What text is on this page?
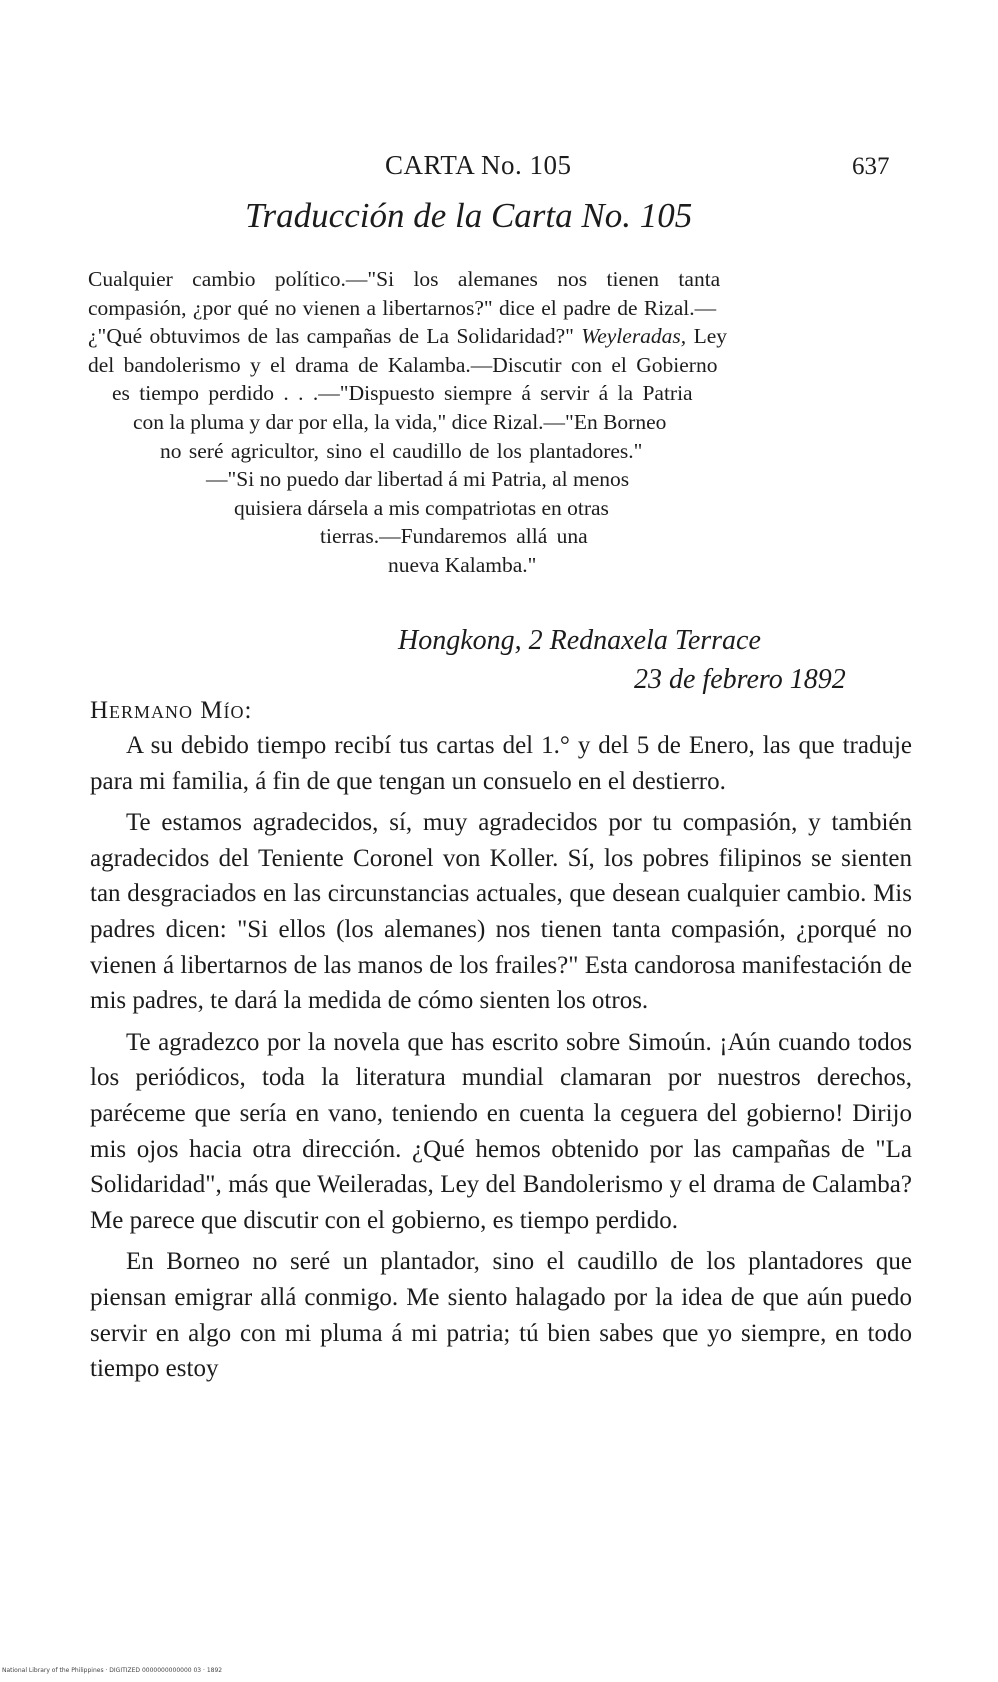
CARTA No. 105	637
Traducción de la Carta No. 105
Cualquier cambio político.—"Si los alemanes nos tienen tanta
compasión, ¿por qué no vienen a libertarnos?" dice el padre de Rizal.—
¿"Qué obtuvimos de las campañas de La Solidaridad?" Weyleradas, Ley
del bandolerismo y el drama de Kalamba.—Discutir con el Gobierno
es tiempo perdido . . .—"Dispuesto siempre á servir á la Patria
con la pluma y dar por ella, la vida," dice Rizal.—"En Borneo
no seré agricultor, sino el caudillo de los plantadores."
—"Si no puedo dar libertad á mi Patria, al menos
quisiera dársela a mis compatriotas en otras
tierras.—Fundaremos allá una
nueva Kalamba."
Hongkong, 2 Rednaxela Terrace
23 de febrero 1892
Hermano Mío:

A su debido tiempo recibí tus cartas del 1.° y del 5 de Enero, las que traduje para mi familia, á fin de que tengan un consuelo en el destierro.

Te estamos agradecidos, sí, muy agradecidos por tu compasión, y también agradecidos del Teniente Coronel von Koller. Sí, los pobres filipinos se sienten tan desgraciados en las circunstancias actuales, que desean cualquier cambio. Mis padres dicen: "Si ellos (los alemanes) nos tienen tanta compasión, ¿porqué no vienen á libertarnos de las manos de los frailes?" Esta candorosa manifestación de mis padres, te dará la medida de cómo sienten los otros.

Te agradezco por la novela que has escrito sobre Simoún. ¡Aún cuando todos los periódicos, toda la literatura mundial clamaran por nuestros derechos, paréceme que sería en vano, teniendo en cuenta la ceguera del gobierno! Dirijo mis ojos hacia otra dirección. ¿Qué hemos obtenido por las campañas de "La Solidaridad", más que Weileradas, Ley del Bandolerismo y el drama de Calamba? Me parece que discutir con el gobierno, es tiempo perdido.

En Borneo no seré un plantador, sino el caudillo de los plantadores que piensan emigrar allá conmigo. Me siento halagado por la idea de que aún puedo servir en algo con mi pluma á mi patria; tú bien sabes que yo siempre, en todo tiempo estoy

National Library of the Philippines · DIGITIZED 0000000000000 03 · 1892
